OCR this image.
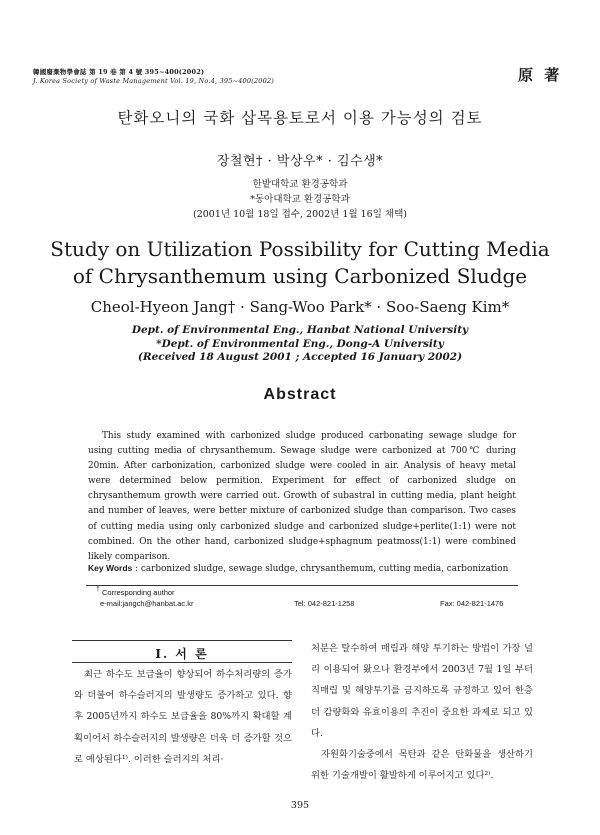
韓國廢棄物學會誌 第 19 卷 第 4 號 395~400(2002)
J. Korea Society of Waste Management Vol. 19, No.4, 395~400(2002)	原 著
탄화오니의 국화 삽목용토로서 이용 가능성의 검토
장철현† · 박상우* · 김수생*
한밭대학교 환경공학과
*동아대학교 환경공학과
(2001년 10월 18일 접수, 2002년 1월 16일 채택)
Study on Utilization Possibility for Cutting Media
of Chrysanthemum using Carbonized Sludge
Cheol-Hyeon Jang† · Sang-Woo Park* · Soo-Saeng Kim*
Dept. of Environmental Eng., Hanbat National University
*Dept. of Environmental Eng., Dong-A University
(Received 18 August 2001 ; Accepted 16 January 2002)
Abstract
This study examined with carbonized sludge produced carbonating sewage sludge for using cutting media of chrysanthemum. Sewage sludge were carbonized at 700℃ during 20min. After carbonization, carbonized sludge were cooled in air. Analysis of heavy metal were determined below permition. Experiment for effect of carbonized sludge on chrysanthemum growth were carried out. Growth of subastral in cutting media, plant height and number of leaves, were better mixture of carbonized sludge than comparison. Two cases of cutting media using only carbonized sludge and carbonized sludge+perlite(1:1) were not combined. On the other hand, carbonized sludge+sphagnum peatmoss(1:1) were combined likely comparison.
Key Words : carbonized sludge, sewage sludge, chrysanthemum, cutting media, carbonization
† Corresponding author
e-mail:jangch@hanbat.ac.kr	Tel: 042-821-1258	Fax: 042-821-1476
Ⅰ. 서 론
최근 하수도 보급율이 향상되어 하수처리량의 증가와 더불어 하수슬러지의 발생량도 증가하고 있다. 향후 2005년까지 하수도 보급율을 80%까지 확대할 계획이어서 하수슬러지의 발생량은 더욱 더 증가할 것으로 예상된다¹⁾. 이러한 슬러지의 처리·

처분은 탈수하여 매립과 해양 투기하는 방법이 가장 널리 이용되어 왔으나 환경부에서 2003년 7월 1일 부터 직매립 및 해양투기를 금지하도록 규정하고 있어 한층 더 감량화와 유효이용의 추진이 중요한 과제로 되고 있다.

자원화기술중에서 목탄과 같은 탄화물을 생산하기 위한 기술개발이 활발하게 이루어지고 있다²⁾.

395
